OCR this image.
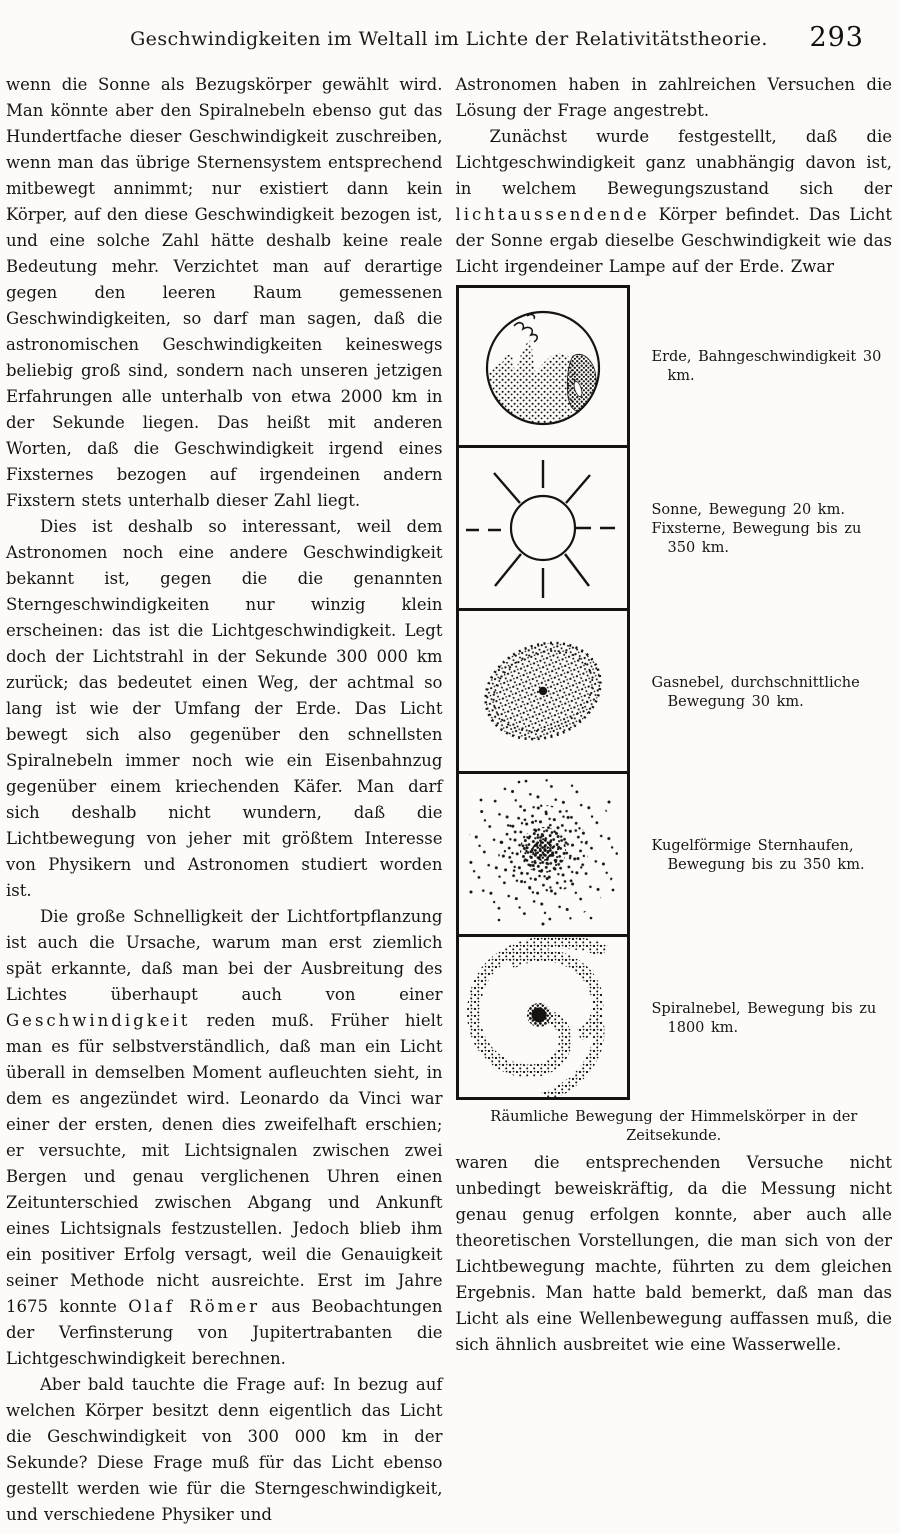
Geschwindigkeiten im Weltall im Lichte der Relativitätstheorie.	293

wenn die Sonne als Bezugskörper gewählt wird. Man könnte aber den Spiralnebeln ebenso gut das Hundertfache dieser Geschwindigkeit zuschreiben, wenn man das übrige Sternensystem entsprechend mitbewegt annimmt; nur existiert dann kein Körper, auf den diese Geschwindigkeit bezogen ist, und eine solche Zahl hätte deshalb keine reale Bedeutung mehr. Verzichtet man auf derartige gegen den leeren Raum gemessenen Geschwindigkeiten, so darf man sagen, daß die astronomischen Geschwindigkeiten keineswegs beliebig groß sind, sondern nach unseren jetzigen Erfahrungen alle unterhalb von etwa 2000 km in der Sekunde liegen. Das heißt mit anderen Worten, daß die Geschwindigkeit irgend eines Fixsternes bezogen auf irgendeinen andern Fixstern stets unterhalb dieser Zahl liegt.

Dies ist deshalb so interessant, weil dem Astronomen noch eine andere Geschwindigkeit bekannt ist, gegen die die genannten Sterngeschwindigkeiten nur winzig klein erscheinen: das ist die Lichtgeschwindigkeit. Legt doch der Lichtstrahl in der Sekunde 300 000 km zurück; das bedeutet einen Weg, der achtmal so lang ist wie der Umfang der Erde. Das Licht bewegt sich also gegenüber den schnellsten Spiralnebeln immer noch wie ein Eisenbahnzug gegenüber einem kriechenden Käfer. Man darf sich deshalb nicht wundern, daß die Lichtbewegung von jeher mit größtem Interesse von Physikern und Astronomen studiert worden ist.

Die große Schnelligkeit der Lichtfortpflanzung ist auch die Ursache, warum man erst ziemlich spät erkannte, daß man bei der Ausbreitung des Lichtes überhaupt auch von einer Geschwindigkeit reden muß. Früher hielt man es für selbstverständlich, daß man ein Licht überall in demselben Moment aufleuchten sieht, in dem es angezündet wird. Leonardo da Vinci war einer der ersten, denen dies zweifelhaft erschien; er versuchte, mit Lichtsignalen zwischen zwei Bergen und genau verglichenen Uhren einen Zeitunterschied zwischen Abgang und Ankunft eines Lichtsignals festzustellen. Jedoch blieb ihm ein positiver Erfolg versagt, weil die Genauigkeit seiner Methode nicht ausreichte. Erst im Jahre 1675 konnte Olaf Römer aus Beobachtungen der Verfinsterung von Jupitertrabanten die Lichtgeschwindigkeit berechnen.

Aber bald tauchte die Frage auf: In bezug auf welchen Körper besitzt denn eigentlich das Licht die Geschwindigkeit von 300 000 km in der Sekunde? Diese Frage muß für das Licht ebenso gestellt werden wie für die Sterngeschwindigkeit, und verschiedene Physiker und

Astronomen haben in zahlreichen Versuchen die Lösung der Frage angestrebt.

Zunächst wurde festgestellt, daß die Lichtgeschwindigkeit ganz unabhängig davon ist, in welchem Bewegungszustand sich der lichtaussendende Körper befindet. Das Licht der Sonne ergab dieselbe Geschwindigkeit wie das Licht irgendeiner Lampe auf der Erde. Zwar

Erde, Bahngeschwindigkeit 30 km.
Sonne, Bewegung 20 km.
Fixsterne, Bewegung bis zu 350 km.
Gasnebel, durchschnittliche Bewegung 30 km.
Kugelförmige Sternhaufen, Bewegung bis zu 350 km.
Spiralnebel, Bewegung bis zu 1800 km.
Räumliche Bewegung der Himmelskörper in der Zeitsekunde.

waren die entsprechenden Versuche nicht unbedingt beweiskräftig, da die Messung nicht genau genug erfolgen konnte, aber auch alle theoretischen Vorstellungen, die man sich von der Lichtbewegung machte, führten zu dem gleichen Ergebnis. Man hatte bald bemerkt, daß man das Licht als eine Wellenbewegung auffassen muß, die sich ähnlich ausbreitet wie eine Wasserwelle.
